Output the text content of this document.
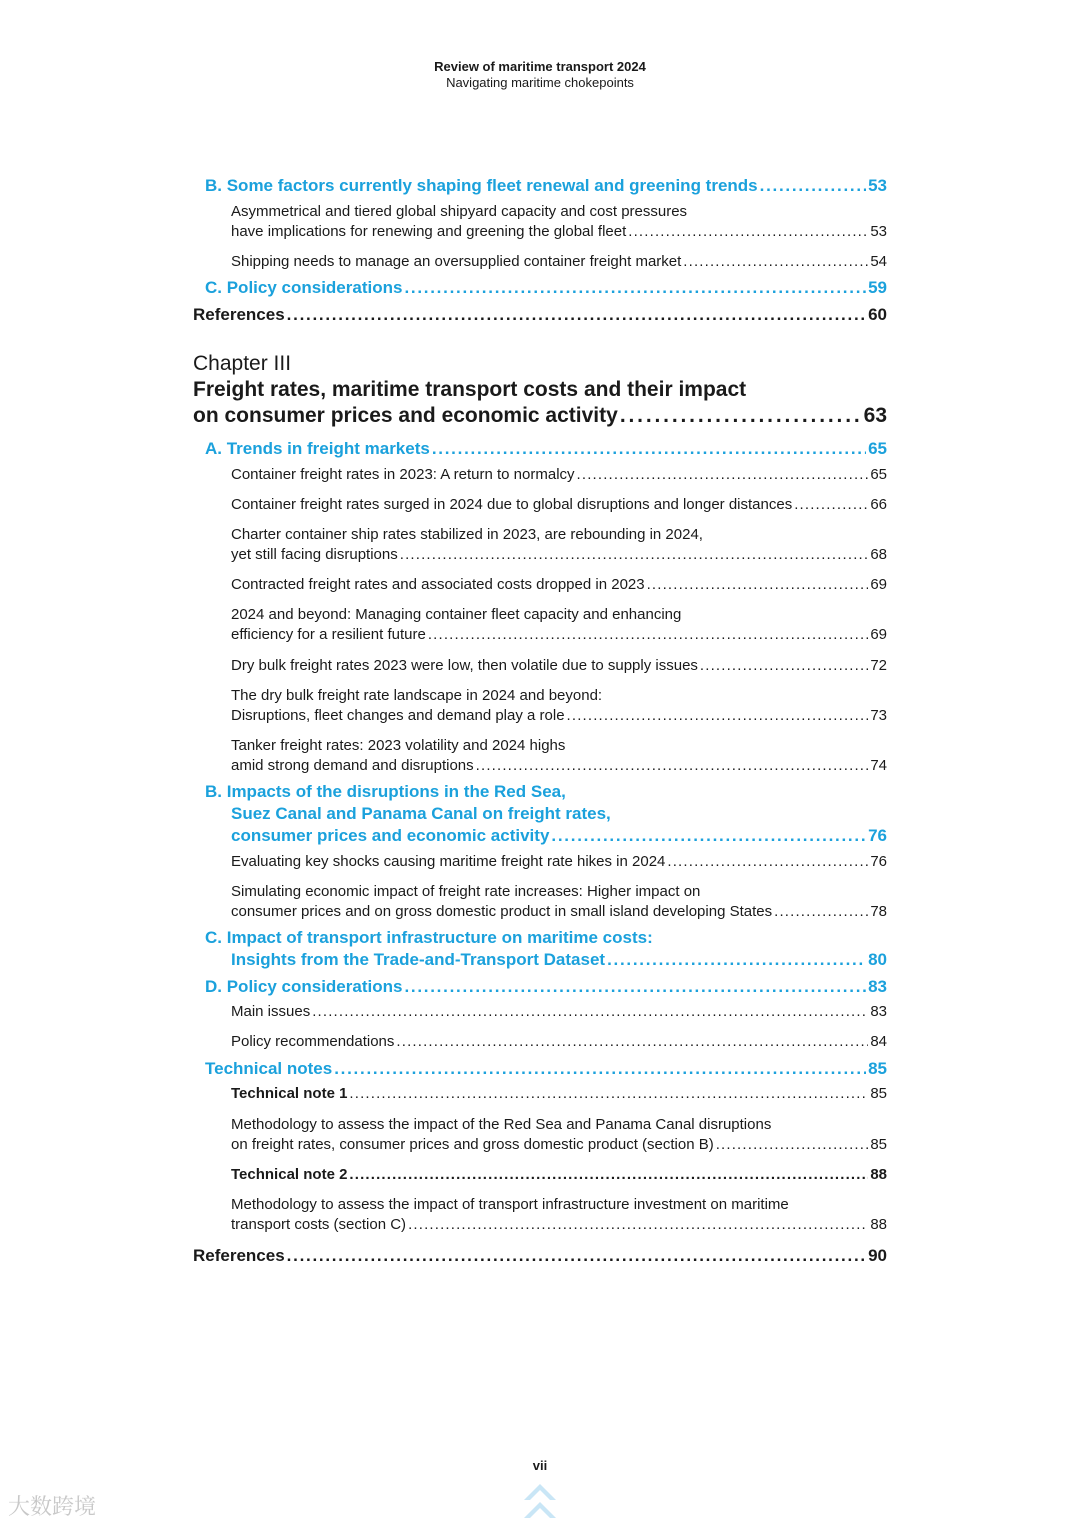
Review of maritime transport 2024
Navigating maritime chokepoints
B. Some factors currently shaping fleet renewal and greening trends . . .	53
Asymmetrical and tiered global shipyard capacity and cost pressures
have implications for renewing and greening the global fleet . . .	53
Shipping needs to manage an oversupplied container freight market . . .	54
C. Policy considerations . . .	59
References . . .	60
Chapter III
Freight rates, maritime transport costs and their impact
on consumer prices and economic activity . . .	63
A. Trends in freight markets . . .	65
Container freight rates in 2023: A return to normalcy . . .	65
Container freight rates surged in 2024 due to global disruptions and longer distances . . .	66
Charter container ship rates stabilized in 2023, are rebounding in 2024,
yet still facing disruptions . . .	68
Contracted freight rates and associated costs dropped in 2023 . . .	69
2024 and beyond: Managing container fleet capacity and enhancing
efficiency for a resilient future . . .	69
Dry bulk freight rates 2023 were low, then volatile due to supply issues . . .	72
The dry bulk freight rate landscape in 2024 and beyond:
Disruptions, fleet changes and demand play a role . . .	73
Tanker freight rates: 2023 volatility and 2024 highs
amid strong demand and disruptions . . .	74
B. Impacts of the disruptions in the Red Sea,
Suez Canal and Panama Canal on freight rates,
consumer prices and economic activity . . .	76
Evaluating key shocks causing maritime freight rate hikes in 2024 . . .	76
Simulating economic impact of freight rate increases: Higher impact on
consumer prices and on gross domestic product in small island developing States . . .	78
C. Impact of transport infrastructure on maritime costs:
Insights from the Trade-and-Transport Dataset . . .	80
D. Policy considerations . . .	83
Main issues . . .	83
Policy recommendations . . .	84
Technical notes . . .	85
Technical note 1 . . .	85
Methodology to assess the impact of the Red Sea and Panama Canal disruptions
on freight rates, consumer prices and gross domestic product (section B) . . .	85
Technical note 2 . . .	88
Methodology to assess the impact of transport infrastructure investment on maritime
transport costs (section C) . . .	88
References . . .	90
vii
大数跨境
